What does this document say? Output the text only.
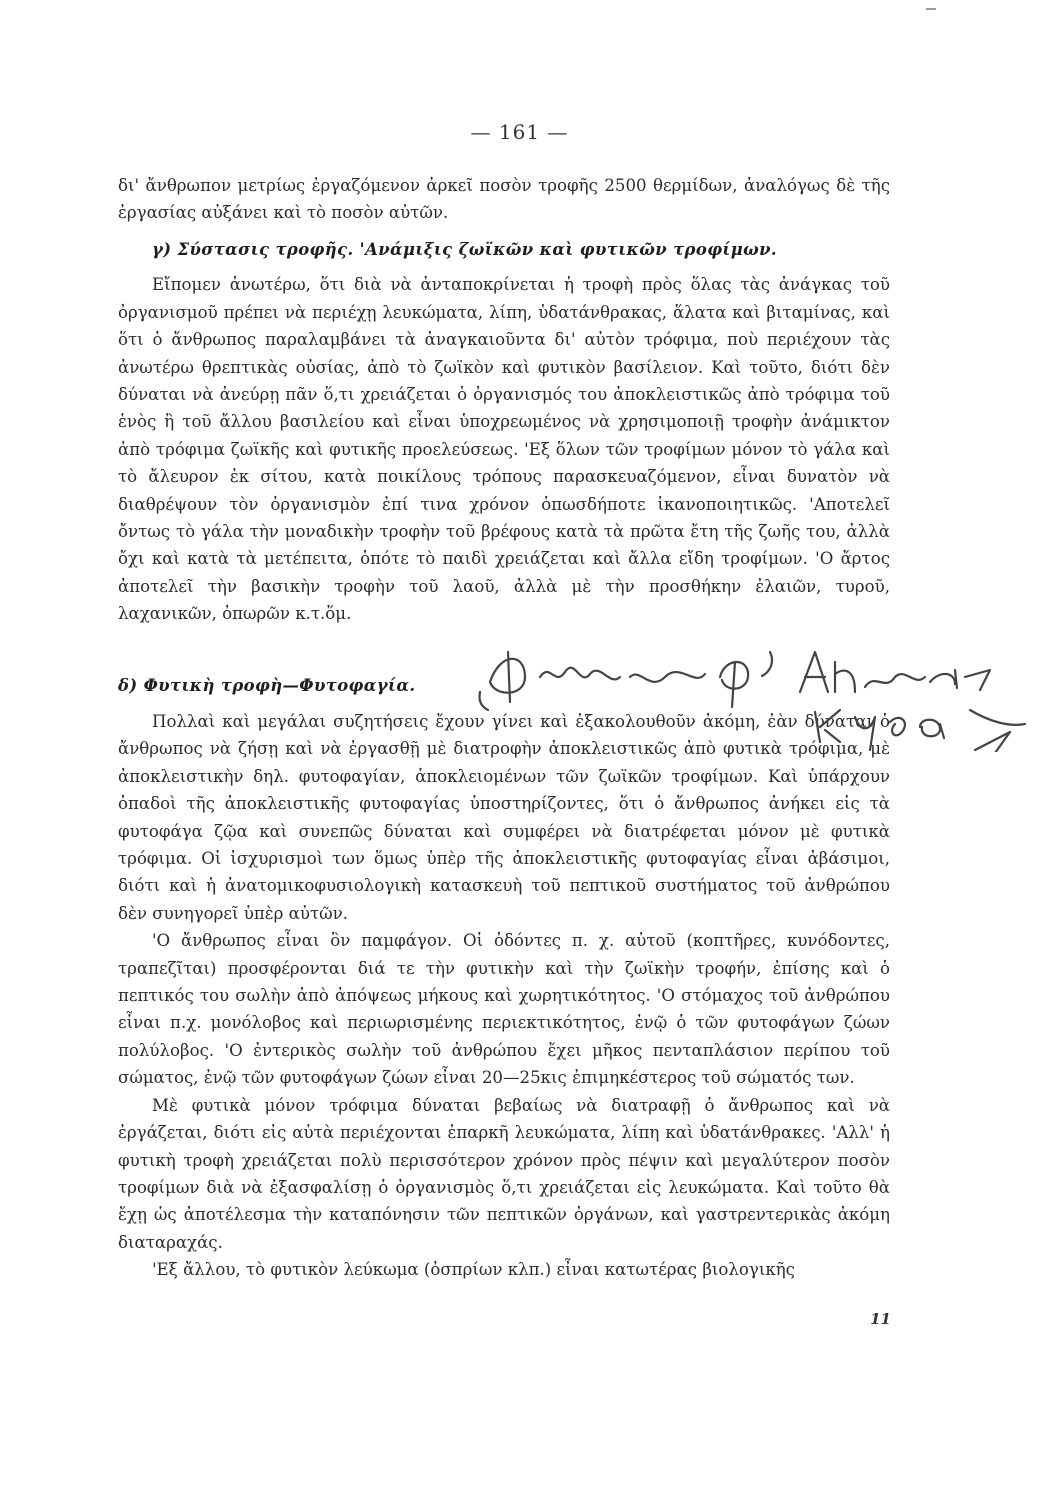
— 161 —

δι' ἄνθρωπον μετρίως ἐργαζόμενον ἀρκεῖ ποσὸν τροφῆς 2500 θερμίδων, ἀναλόγως δὲ τῆς ἐργασίας αὐξάνει καὶ τὸ ποσὸν αὐτῶν.

γ) Σύστασις τροφῆς. 'Ανάμιξις ζωϊκῶν καὶ φυτικῶν τροφίμων.

Εἴπομεν ἀνωτέρω, ὅτι διὰ νὰ ἀνταποκρίνεται ἡ τροφὴ πρὸς ὅλας τὰς ἀνάγκας τοῦ ὀργανισμοῦ πρέπει νὰ περιέχῃ λευκώματα, λίπη, ὑδατάνθρακας, ἅλατα καὶ βιταμίνας, καὶ ὅτι ὁ ἄνθρωπος παραλαμβάνει τὰ ἀναγκαιοῦντα δι' αὐτὸν τρόφιμα, ποὺ περιέχουν τὰς ἀνωτέρω θρεπτικὰς οὐσίας, ἀπὸ τὸ ζωϊκὸν καὶ φυτικὸν βασίλειον. Καὶ τοῦτο, διότι δὲν δύναται νὰ ἀνεύρῃ πᾶν ὅ,τι χρειάζεται ὁ ὀργανισμός του ἀποκλειστικῶς ἀπὸ τρόφιμα τοῦ ἑνὸς ἢ τοῦ ἄλλου βασιλείου καὶ εἶναι ὑποχρεωμένος νὰ χρησιμοποιῇ τροφὴν ἀνάμικτον ἀπὸ τρόφιμα ζωϊκῆς καὶ φυτικῆς προελεύσεως. 'Εξ ὅλων τῶν τροφίμων μόνον τὸ γάλα καὶ τὸ ἄλευρον ἐκ σίτου, κατὰ ποικίλους τρόπους παρασκευαζόμενον, εἶναι δυνατὸν νὰ διαθρέψουν τὸν ὀργανισμὸν ἐπί τινα χρόνον ὁπωσδήποτε ἱκανοποιητικῶς. 'Αποτελεῖ ὄντως τὸ γάλα τὴν μοναδικὴν τροφὴν τοῦ βρέφους κατὰ τὰ πρῶτα ἔτη τῆς ζωῆς του, ἀλλὰ ὄχι καὶ κατὰ τὰ μετέπειτα, ὁπότε τὸ παιδὶ χρειάζεται καὶ ἄλλα εἴδη τροφίμων. 'Ο ἄρτος ἀποτελεῖ τὴν βασικὴν τροφὴν τοῦ λαοῦ, ἀλλὰ μὲ τὴν προσθήκην ἐλαιῶν, τυροῦ, λαχανικῶν, ὀπωρῶν κ.τ.ὅμ.

δ) Φυτικὴ τροφὴ—Φυτοφαγία.

Πολλαὶ καὶ μεγάλαι συζητήσεις ἔχουν γίνει καὶ ἐξακολουθοῦν ἀκόμη, ἐὰν δύναται ὁ ἄνθρωπος νὰ ζήσῃ καὶ νὰ ἐργασθῇ μὲ διατροφὴν ἀποκλειστικῶς ἀπὸ φυτικὰ τρόφιμα, μὲ ἀποκλειστικὴν δηλ. φυτοφαγίαν, ἀποκλειομένων τῶν ζωϊκῶν τροφίμων. Καὶ ὑπάρχουν ὀπαδοὶ τῆς ἀποκλειστικῆς φυτοφαγίας ὑποστηρίζοντες, ὅτι ὁ ἄνθρωπος ἀνήκει εἰς τὰ φυτοφάγα ζῷα καὶ συνεπῶς δύναται καὶ συμφέρει νὰ διατρέφεται μόνον μὲ φυτικὰ τρόφιμα. Οἱ ἰσχυρισμοὶ των ὅμως ὑπὲρ τῆς ἀποκλειστικῆς φυτοφαγίας εἶναι ἀβάσιμοι, διότι καὶ ἡ ἀνατομικοφυσιολογικὴ κατασκευὴ τοῦ πεπτικοῦ συστήματος τοῦ ἀνθρώπου δὲν συνηγορεῖ ὑπὲρ αὐτῶν.

'Ο ἄνθρωπος εἶναι ὂν παμφάγον. Οἱ ὀδόντες π. χ. αὐτοῦ (κοπτῆρες, κυνόδοντες, τραπεζῖται) προσφέρονται διά τε τὴν φυτικὴν καὶ τὴν ζωϊκὴν τροφήν, ἐπίσης καὶ ὁ πεπτικός του σωλὴν ἀπὸ ἀπόψεως μήκους καὶ χωρητικότητος. 'Ο στόμαχος τοῦ ἀνθρώπου εἶναι π.χ. μονόλοβος καὶ περιωρισμένης περιεκτικότητος, ἐνῷ ὁ τῶν φυτοφάγων ζώων πολύλοβος. 'Ο ἐντερικὸς σωλὴν τοῦ ἀνθρώπου ἔχει μῆκος πενταπλάσιον περίπου τοῦ σώματος, ἐνῷ τῶν φυτοφάγων ζώων εἶναι 20—25κις ἐπιμηκέστερος τοῦ σώματός των.

Μὲ φυτικὰ μόνον τρόφιμα δύναται βεβαίως νὰ διατραφῇ ὁ ἄνθρωπος καὶ νὰ ἐργάζεται, διότι εἰς αὐτὰ περιέχονται ἐπαρκῆ λευκώματα, λίπη καὶ ὑδατάνθρακες. 'Αλλ' ἡ φυτικὴ τροφὴ χρειάζεται πολὺ περισσότερον χρόνον πρὸς πέψιν καὶ μεγαλύτερον ποσὸν τροφίμων διὰ νὰ ἐξασφαλίσῃ ὁ ὀργανισμὸς ὅ,τι χρειάζεται εἰς λευκώματα. Καὶ τοῦτο θὰ ἔχῃ ὡς ἀποτέλεσμα τὴν καταπόνησιν τῶν πεπτικῶν ὀργάνων, καὶ γαστρεντερικὰς ἀκόμη διαταραχάς.

'Εξ ἄλλου, τὸ φυτικὸν λεύκωμα (ὀσπρίων κλπ.) εἶναι κατωτέρας βιολογικῆς

11
